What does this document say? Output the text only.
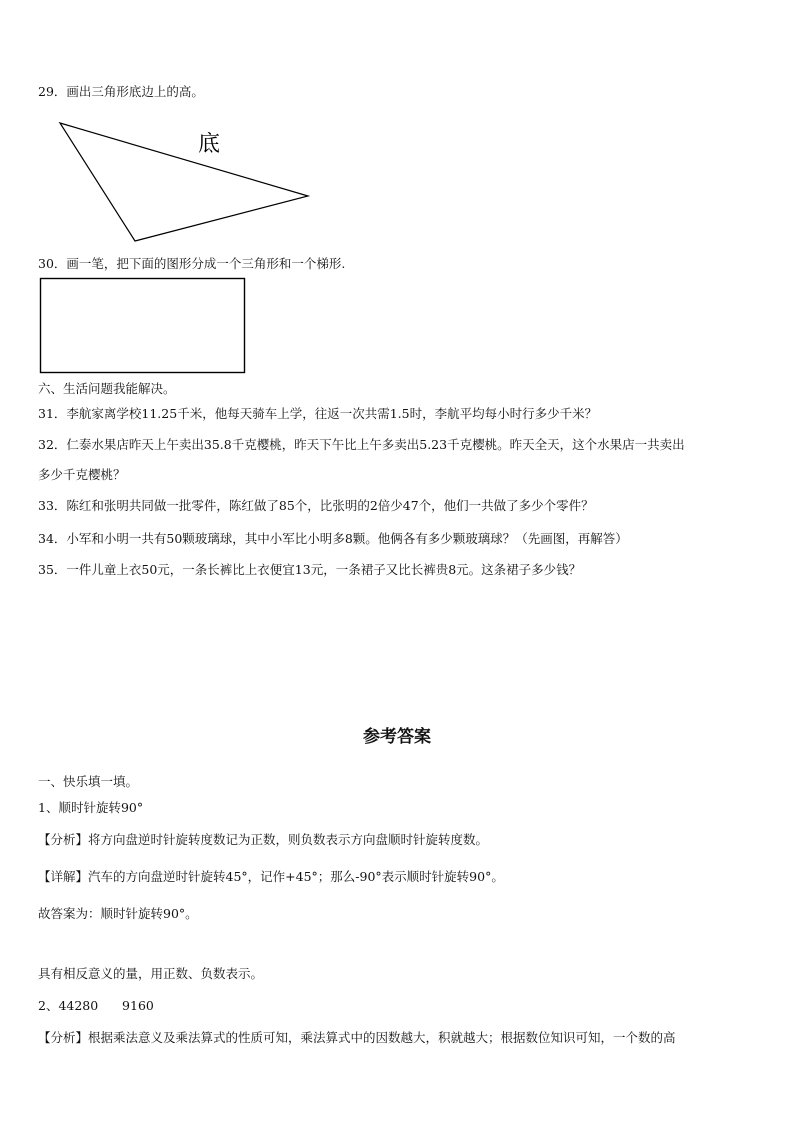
29．画出三角形底边上的高。
底
30．画一笔，把下面的图形分成一个三角形和一个梯形.
六、生活问题我能解决。
31．李航家离学校11.25千米，他每天骑车上学，往返一次共需1.5时，李航平均每小时行多少千米？
32．仁泰水果店昨天上午卖出35.8千克樱桃，昨天下午比上午多卖出5.23千克樱桃。昨天全天，这个水果店一共卖出
多少千克樱桃？
33．陈红和张明共同做一批零件，陈红做了85个，比张明的2倍少47个，他们一共做了多少个零件？
34．小军和小明一共有50颗玻璃球，其中小军比小明多8颗。他俩各有多少颗玻璃球？（先画图，再解答）
35．一件儿童上衣50元，一条长裤比上衣便宜13元，一条裙子又比长裤贵8元。这条裙子多少钱？
参考答案
一、快乐填一填。
1、顺时针旋转90°
【分析】将方向盘逆时针旋转度数记为正数，则负数表示方向盘顺时针旋转度数。
【详解】汽车的方向盘逆时针旋转45°，记作+45°；那么-90°表示顺时针旋转90°。
故答案为：顺时针旋转90°。
具有相反意义的量，用正数、负数表示。
2、44280      9160
【分析】根据乘法意义及乘法算式的性质可知，乘法算式中的因数越大，积就越大；根据数位知识可知，一个数的高
